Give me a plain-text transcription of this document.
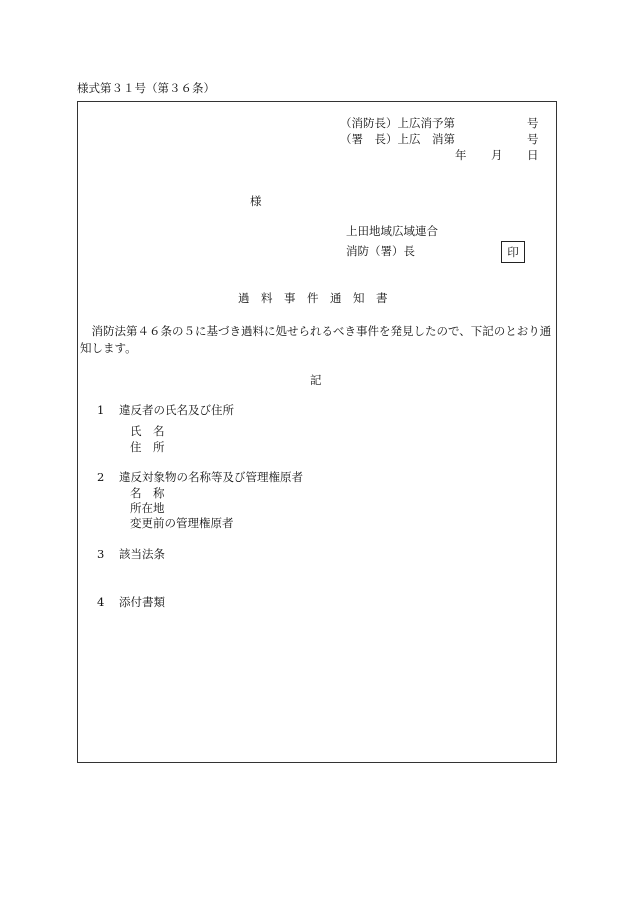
様式第３１号（第３６条）
（消防長）上広消予第	号
（署　長）上広　消第	号
年 月 日
様
上田地域広域連合
消防（署）長	印
過　料　事　件　通　知　書
　消防法第４６条の５に基づき過料に処せられるべき事件を発見したので、下記のとおり通知します。
記
1 違反者の氏名及び住所
氏　名
住　所
2 違反対象物の名称等及び管理権原者
名　称
所在地
変更前の管理権原者
3 該当法条
4 添付書類
